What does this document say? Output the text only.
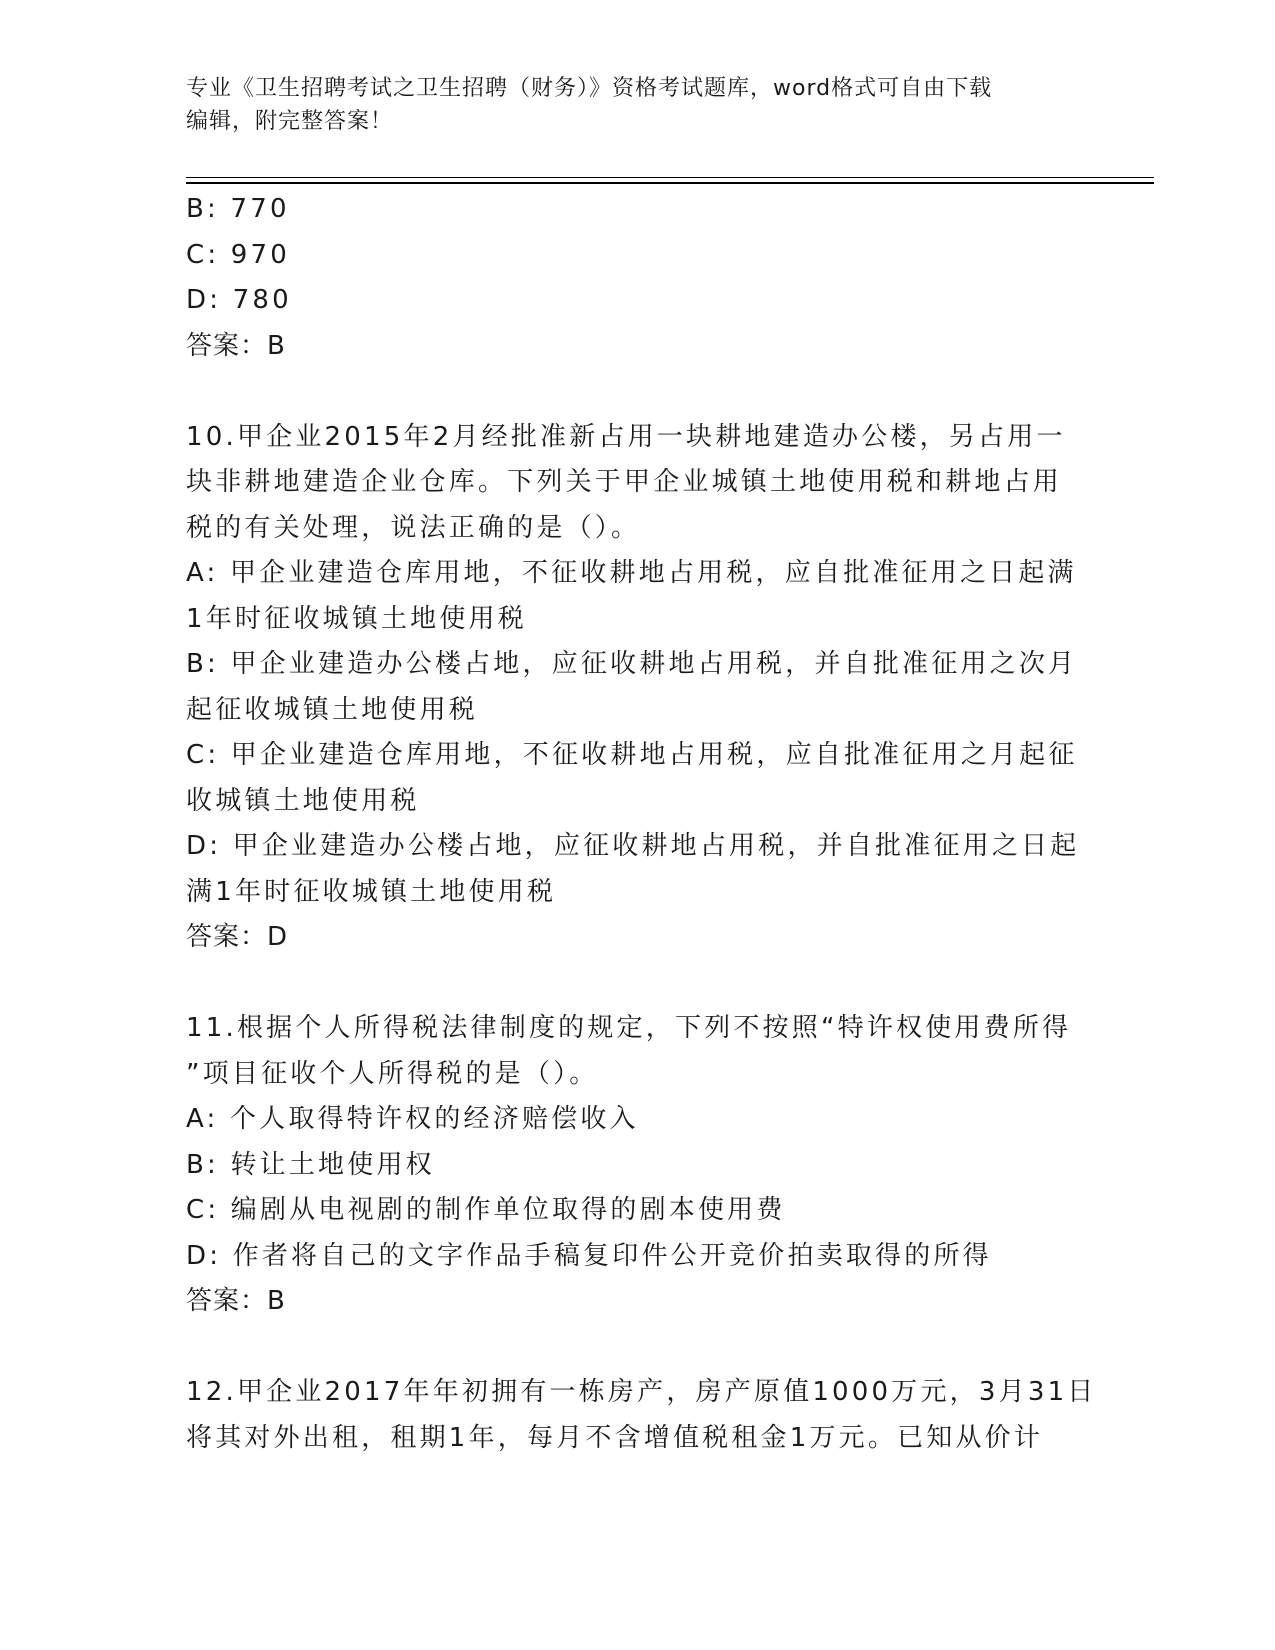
专业《卫生招聘考试之卫生招聘（财务）》资格考试题库，word格式可自由下载
编辑，附完整答案！
B: 770
C: 970
D: 780
答案：B
10.甲企业2015年2月经批准新占用一块耕地建造办公楼，另占用一
块非耕地建造企业仓库。下列关于甲企业城镇土地使用税和耕地占用
税的有关处理，说法正确的是（）。
A: 甲企业建造仓库用地，不征收耕地占用税，应自批准征用之日起满
1年时征收城镇土地使用税
B: 甲企业建造办公楼占地，应征收耕地占用税，并自批准征用之次月
起征收城镇土地使用税
C: 甲企业建造仓库用地，不征收耕地占用税，应自批准征用之月起征
收城镇土地使用税
D: 甲企业建造办公楼占地，应征收耕地占用税，并自批准征用之日起
满1年时征收城镇土地使用税
答案：D
11.根据个人所得税法律制度的规定，下列不按照“特许权使用费所得
”项目征收个人所得税的是（）。
A: 个人取得特许权的经济赔偿收入
B: 转让土地使用权
C: 编剧从电视剧的制作单位取得的剧本使用费
D: 作者将自己的文字作品手稿复印件公开竞价拍卖取得的所得
答案：B
12.甲企业2017年年初拥有一栋房产，房产原值1000万元，3月31日
将其对外出租，租期1年，每月不含增值税租金1万元。已知从价计
